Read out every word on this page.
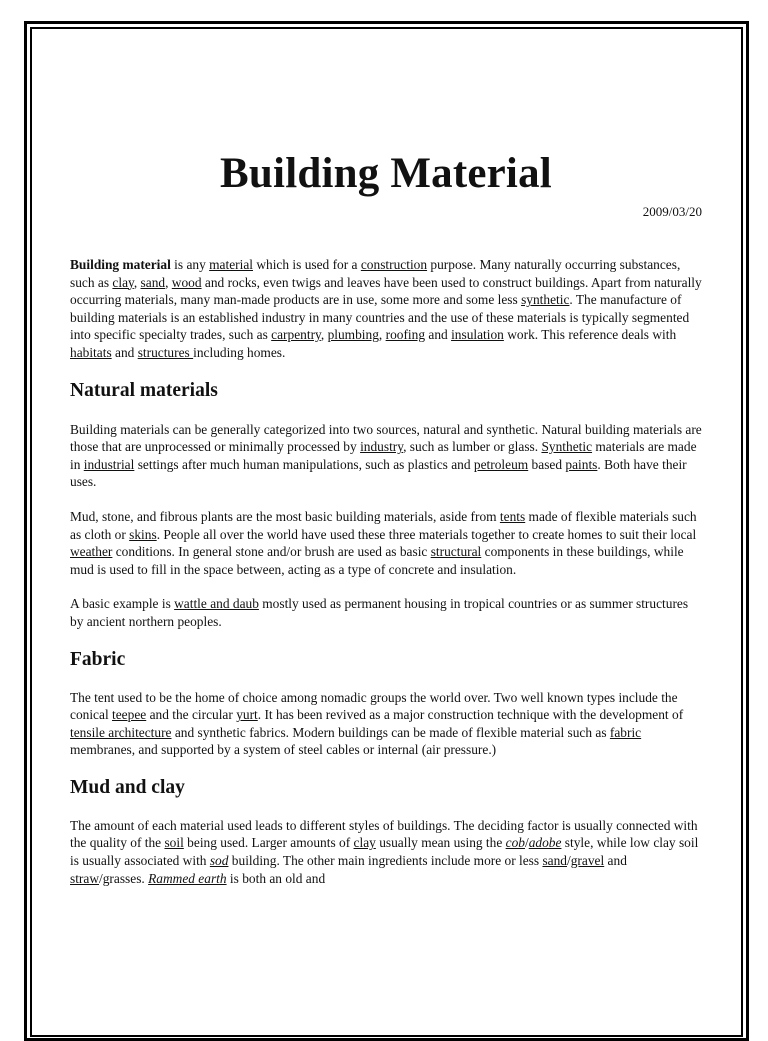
Building Material
2009/03/20

Building material is any material which is used for a construction purpose. Many naturally occurring substances, such as clay, sand, wood and rocks, even twigs and leaves have been used to construct buildings. Apart from naturally occurring materials, many man-made products are in use, some more and some less synthetic. The manufacture of building materials is an established industry in many countries and the use of these materials is typically segmented into specific specialty trades, such as carpentry, plumbing, roofing and insulation work. This reference deals with habitats and structures including homes.

Natural materials

Building materials can be generally categorized into two sources, natural and synthetic. Natural building materials are those that are unprocessed or minimally processed by industry, such as lumber or glass. Synthetic materials are made in industrial settings after much human manipulations, such as plastics and petroleum based paints. Both have their uses.

Mud, stone, and fibrous plants are the most basic building materials, aside from tents made of flexible materials such as cloth or skins. People all over the world have used these three materials together to create homes to suit their local weather conditions. In general stone and/or brush are used as basic structural components in these buildings, while mud is used to fill in the space between, acting as a type of concrete and insulation.

A basic example is wattle and daub mostly used as permanent housing in tropical countries or as summer structures by ancient northern peoples.

Fabric

The tent used to be the home of choice among nomadic groups the world over. Two well known types include the conical teepee and the circular yurt. It has been revived as a major construction technique with the development of tensile architecture and synthetic fabrics. Modern buildings can be made of flexible material such as fabric membranes, and supported by a system of steel cables or internal (air pressure.)

Mud and clay

The amount of each material used leads to different styles of buildings. The deciding factor is usually connected with the quality of the soil being used. Larger amounts of clay usually mean using the cob/adobe style, while low clay soil is usually associated with sod building. The other main ingredients include more or less sand/gravel and straw/grasses. Rammed earth is both an old and
